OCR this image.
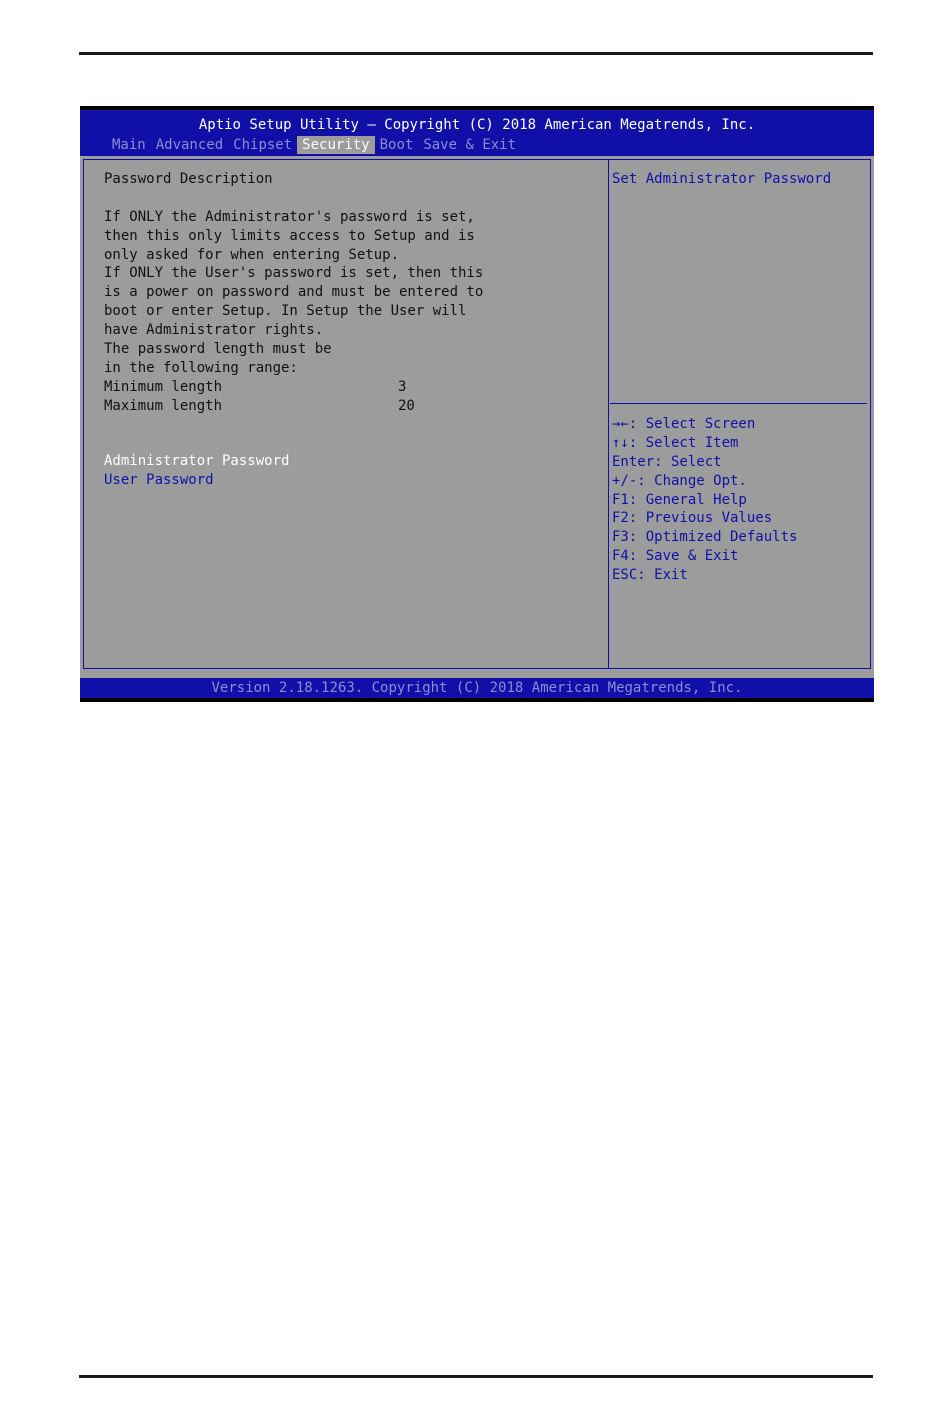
Aptio Setup Utility – Copyright (C) 2018 American Megatrends, Inc.
Main Advanced Chipset Security Boot Save & Exit
Password Description
If ONLY the Administrator's password is set,
then this only limits access to Setup and is
only asked for when entering Setup.
If ONLY the User's password is set, then this
is a power on password and must be entered to
boot or enter Setup. In Setup the User will
have Administrator rights.
The password length must be
in the following range:
Minimum length	3
Maximum length	20
Administrator Password
User Password
Set Administrator Password
→←: Select Screen
↑↓: Select Item
Enter: Select
+/-: Change Opt.
F1: General Help
F2: Previous Values
F3: Optimized Defaults
F4: Save & Exit
ESC: Exit
Version 2.18.1263. Copyright (C) 2018 American Megatrends, Inc.
